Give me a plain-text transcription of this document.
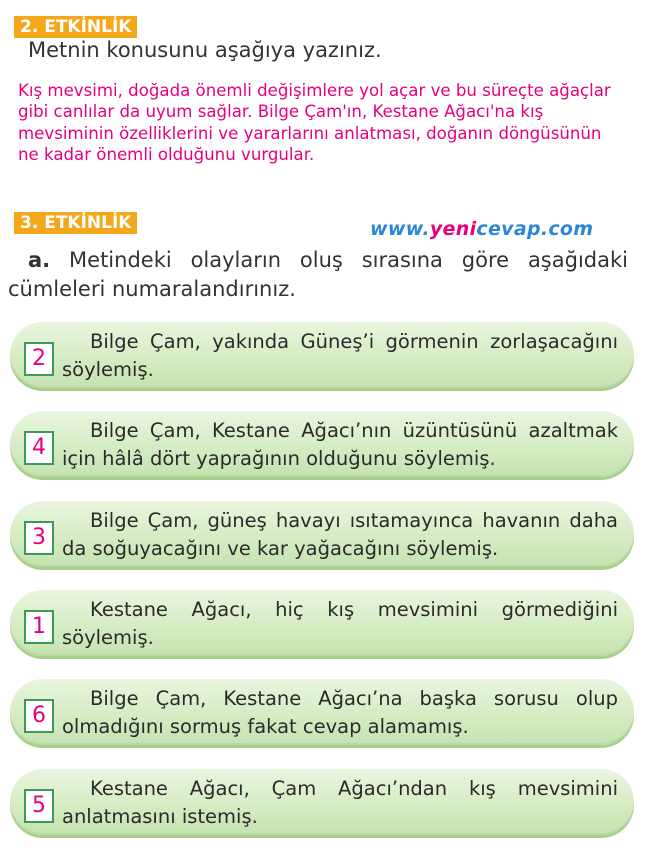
2. ETKİNLİK
Metnin konusunu aşağıya yazınız.
Kış mevsimi, doğada önemli değişimlere yol açar ve bu süreçte ağaçlar gibi canlılar da uyum sağlar. Bilge Çam'ın, Kestane Ağacı'na kış mevsiminin özelliklerini ve yararlarını anlatması, doğanın döngüsünün ne kadar önemli olduğunu vurgular.
3. ETKİNLİK	www.yenicevap.com
a. Metindeki olayların oluş sırasına göre aşağıdaki cümleleri numaralandırınız.
2
Bilge Çam, yakında Güneş’i görmenin zorlaşacağını söylemiş.
4
Bilge Çam, Kestane Ağacı’nın üzüntüsünü azaltmak için hâlâ dört yaprağının olduğunu söylemiş.
3
Bilge Çam, güneş havayı ısıtamayınca havanın daha da soğuyacağını ve kar yağacağını söylemiş.
1
Kestane Ağacı, hiç kış mevsimini görmediğini söylemiş.
6
Bilge Çam, Kestane Ağacı’na başka sorusu olup olmadığını sormuş fakat cevap alamamış.
5
Kestane Ağacı, Çam Ağacı’ndan kış mevsimini anlatmasını istemiş.
